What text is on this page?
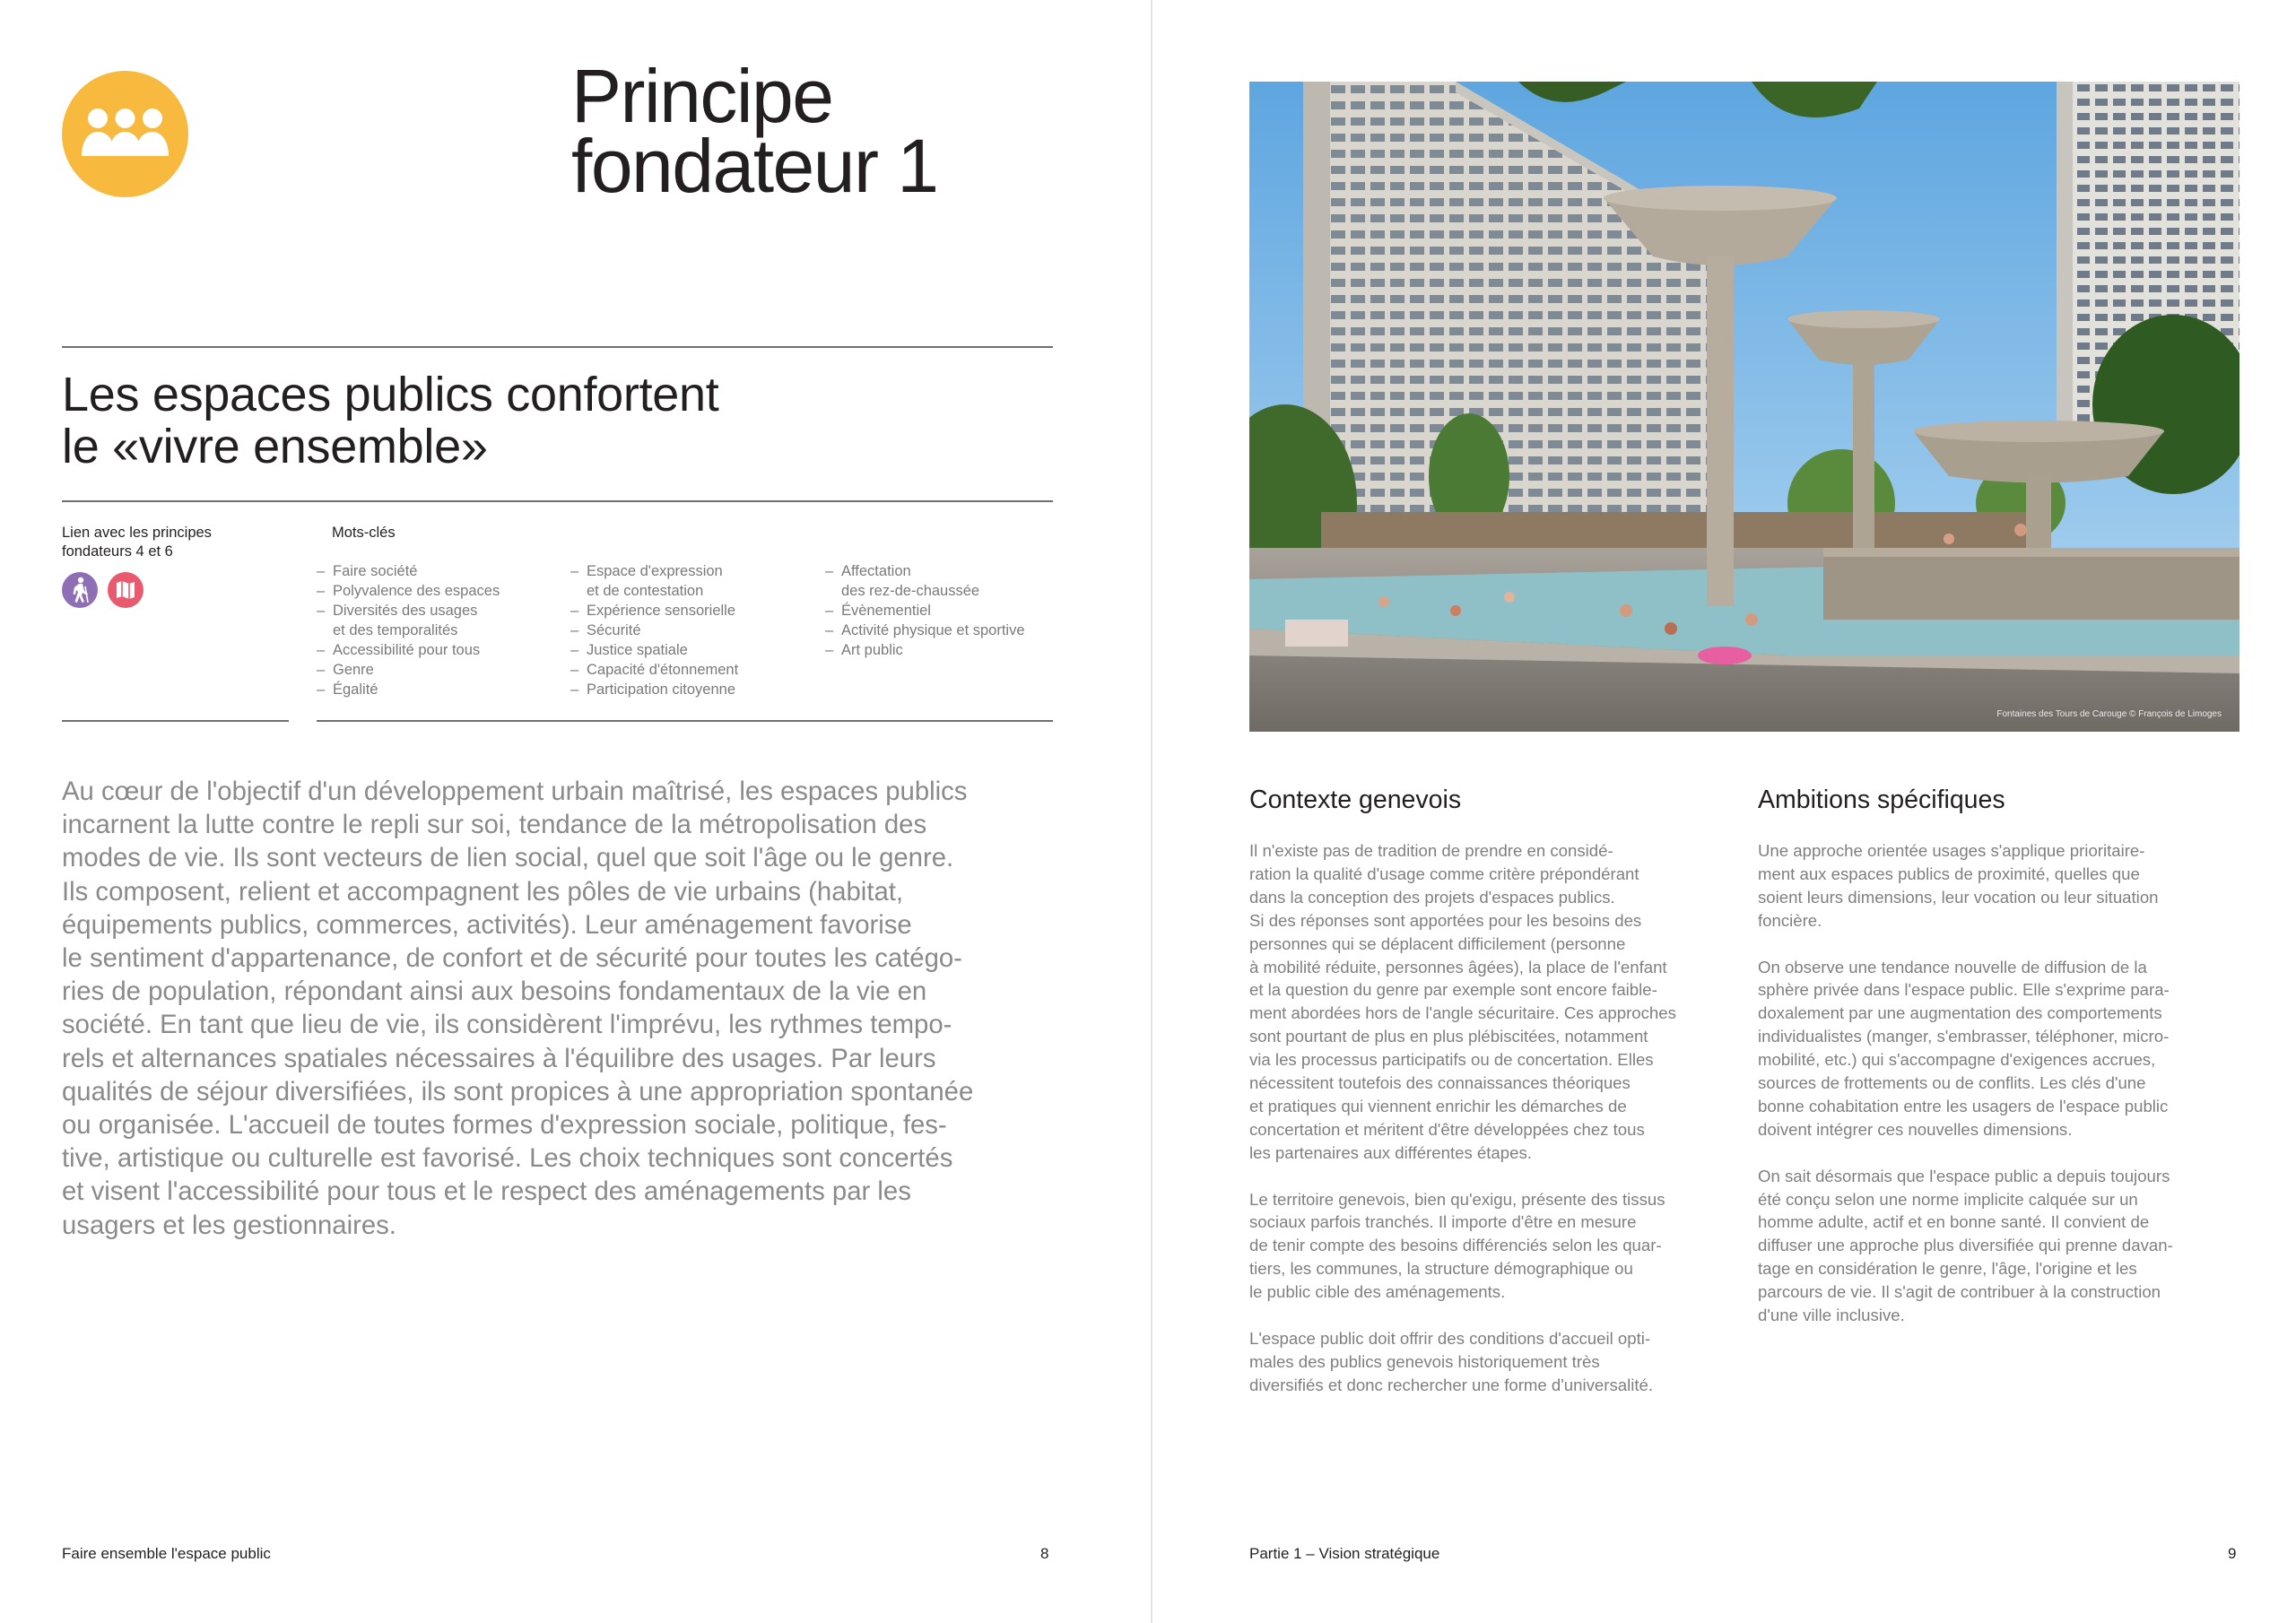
Principe
fondateur 1
Les espaces publics confortent
le «vivre ensemble»
Lien avec les principes
fondateurs 4 et 6
Mots-clés
– Faire société
– Polyvalence des espaces
– Diversités des usages
et des temporalités
– Accessibilité pour tous
– Genre
– Égalité
– Espace d'expression
et de contestation
– Expérience sensorielle
– Sécurité
– Justice spatiale
– Capacité d'étonnement
– Participation citoyenne
– Affectation
des rez-de-chaussée
– Évènementiel
– Activité physique et sportive
– Art public
Au cœur de l'objectif d'un développement urbain maîtrisé, les espaces publics
incarnent la lutte contre le repli sur soi, tendance de la métropolisation des
modes de vie. Ils sont vecteurs de lien social, quel que soit l'âge ou le genre.
Ils composent, relient et accompagnent les pôles de vie urbains (habitat,
équipements publics, commerces, activités). Leur aménagement favorise
le sentiment d'appartenance, de confort et de sécurité pour toutes les catégo-
ries de population, répondant ainsi aux besoins fondamentaux de la vie en
société. En tant que lieu de vie, ils considèrent l'imprévu, les rythmes tempo-
rels et alternances spatiales nécessaires à l'équilibre des usages. Par leurs
qualités de séjour diversifiées, ils sont propices à une appropriation spontanée
ou organisée. L'accueil de toutes formes d'expression sociale, politique, fes-
tive, artistique ou culturelle est favorisé. Les choix techniques sont concertés
et visent l'accessibilité pour tous et le respect des aménagements par les
usagers et les gestionnaires.
Faire ensemble l'espace public	8
Fontaines des Tours de Carouge © François de Limoges
Contexte genevois
Il n'existe pas de tradition de prendre en considé-
ration la qualité d'usage comme critère prépondérant
dans la conception des projets d'espaces publics.
Si des réponses sont apportées pour les besoins des
personnes qui se déplacent difficilement (personne
à mobilité réduite, personnes âgées), la place de l'enfant
et la question du genre par exemple sont encore faible-
ment abordées hors de l'angle sécuritaire. Ces approches
sont pourtant de plus en plus plébiscitées, notamment
via les processus participatifs ou de concertation. Elles
nécessitent toutefois des connaissances théoriques
et pratiques qui viennent enrichir les démarches de
concertation et méritent d'être développées chez tous
les partenaires aux différentes étapes.
Le territoire genevois, bien qu'exigu, présente des tissus
sociaux parfois tranchés. Il importe d'être en mesure
de tenir compte des besoins différenciés selon les quar-
tiers, les communes, la structure démographique ou
le public cible des aménagements.
L'espace public doit offrir des conditions d'accueil opti-
males des publics genevois historiquement très
diversifiés et donc rechercher une forme d'universalité.
Ambitions spécifiques
Une approche orientée usages s'applique prioritaire-
ment aux espaces publics de proximité, quelles que
soient leurs dimensions, leur vocation ou leur situation
foncière.
On observe une tendance nouvelle de diffusion de la
sphère privée dans l'espace public. Elle s'exprime para-
doxalement par une augmentation des comportements
individualistes (manger, s'embrasser, téléphoner, micro-
mobilité, etc.) qui s'accompagne d'exigences accrues,
sources de frottements ou de conflits. Les clés d'une
bonne cohabitation entre les usagers de l'espace public
doivent intégrer ces nouvelles dimensions.
On sait désormais que l'espace public a depuis toujours
été conçu selon une norme implicite calquée sur un
homme adulte, actif et en bonne santé. Il convient de
diffuser une approche plus diversifiée qui prenne davan-
tage en considération le genre, l'âge, l'origine et les
parcours de vie. Il s'agit de contribuer à la construction
d'une ville inclusive.
Partie 1 – Vision stratégique	9
